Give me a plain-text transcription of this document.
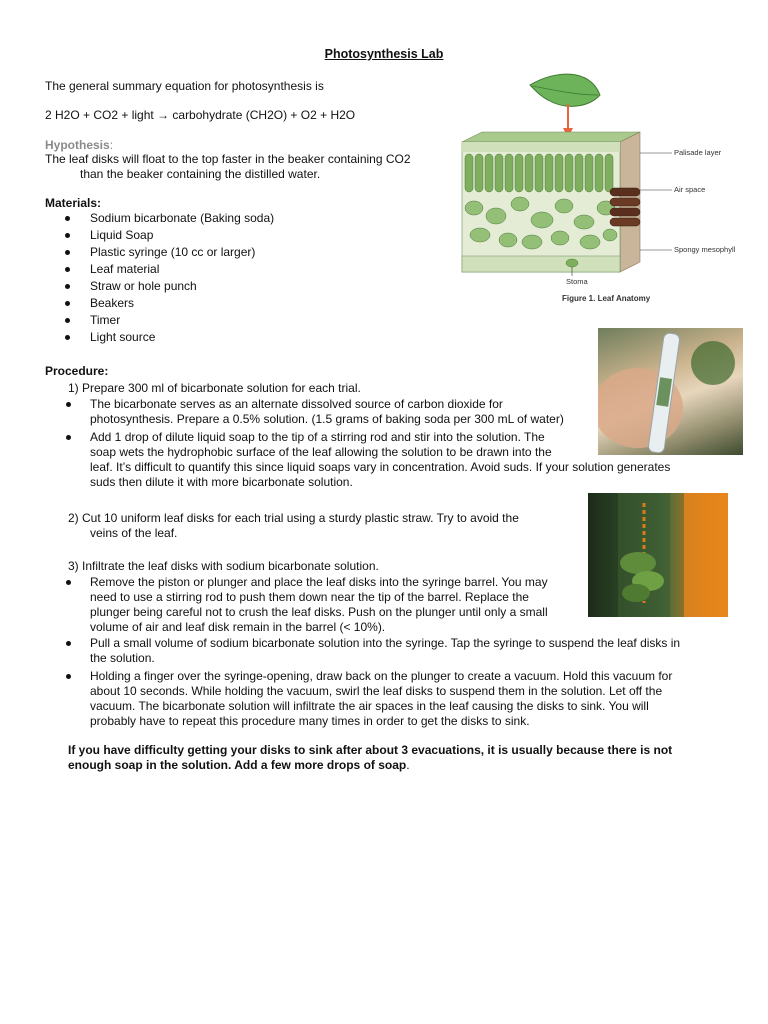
Photosynthesis Lab
The general summary equation for photosynthesis is
2 H2O + CO2 + light → carbohydrate (CH2O) + O2 + H2O
Hypothesis:
The leaf disks will float to the top faster in the beaker containing CO2
than the beaker containing the distilled water.
Materials:
Sodium bicarbonate (Baking soda)
Liquid Soap
Plastic syringe (10 cc or larger)
Leaf material
Straw or hole punch
Beakers
Timer
Light source
Procedure:
1) Prepare 300 ml of bicarbonate solution for each trial.
The bicarbonate serves as an alternate dissolved source of carbon dioxide for
photosynthesis. Prepare a 0.5% solution. (1.5 grams of baking soda per 300 mL of water)
Add 1 drop of dilute liquid soap to the tip of a stirring rod and stir into the solution. The
soap wets the hydrophobic surface of the leaf allowing the solution to be drawn into the
leaf. It’s difficult to quantify this since liquid soaps vary in concentration. Avoid suds. If your solution generates
suds then dilute it with more bicarbonate solution.
2) Cut 10 uniform leaf disks for each trial using a sturdy plastic straw. Try to avoid the
veins of the leaf.
3) Infiltrate the leaf disks with sodium bicarbonate solution.
Remove the piston or plunger and place the leaf disks into the syringe barrel. You may
need to use a stirring rod to push them down near the tip of the barrel. Replace the
plunger being careful not to crush the leaf disks. Push on the plunger until only a small
volume of air and leaf disk remain in the barrel (< 10%).
Pull a small volume of sodium bicarbonate solution into the syringe. Tap the syringe to suspend the leaf disks in
the solution.
Holding a finger over the syringe-opening, draw back on the plunger to create a vacuum. Hold this vacuum for
about 10 seconds. While holding the vacuum, swirl the leaf disks to suspend them in the solution. Let off the
vacuum. The bicarbonate solution will infiltrate the air spaces in the leaf causing the disks to sink. You will
probably have to repeat this procedure many times in order to get the disks to sink.
If you have difficulty getting your disks to sink after about 3 evacuations, it is usually because there is not
enough soap in the solution. Add a few more drops of soap.
Palisade layer
Air space
Spongy mesophyll
Stoma
Figure 1. Leaf Anatomy
